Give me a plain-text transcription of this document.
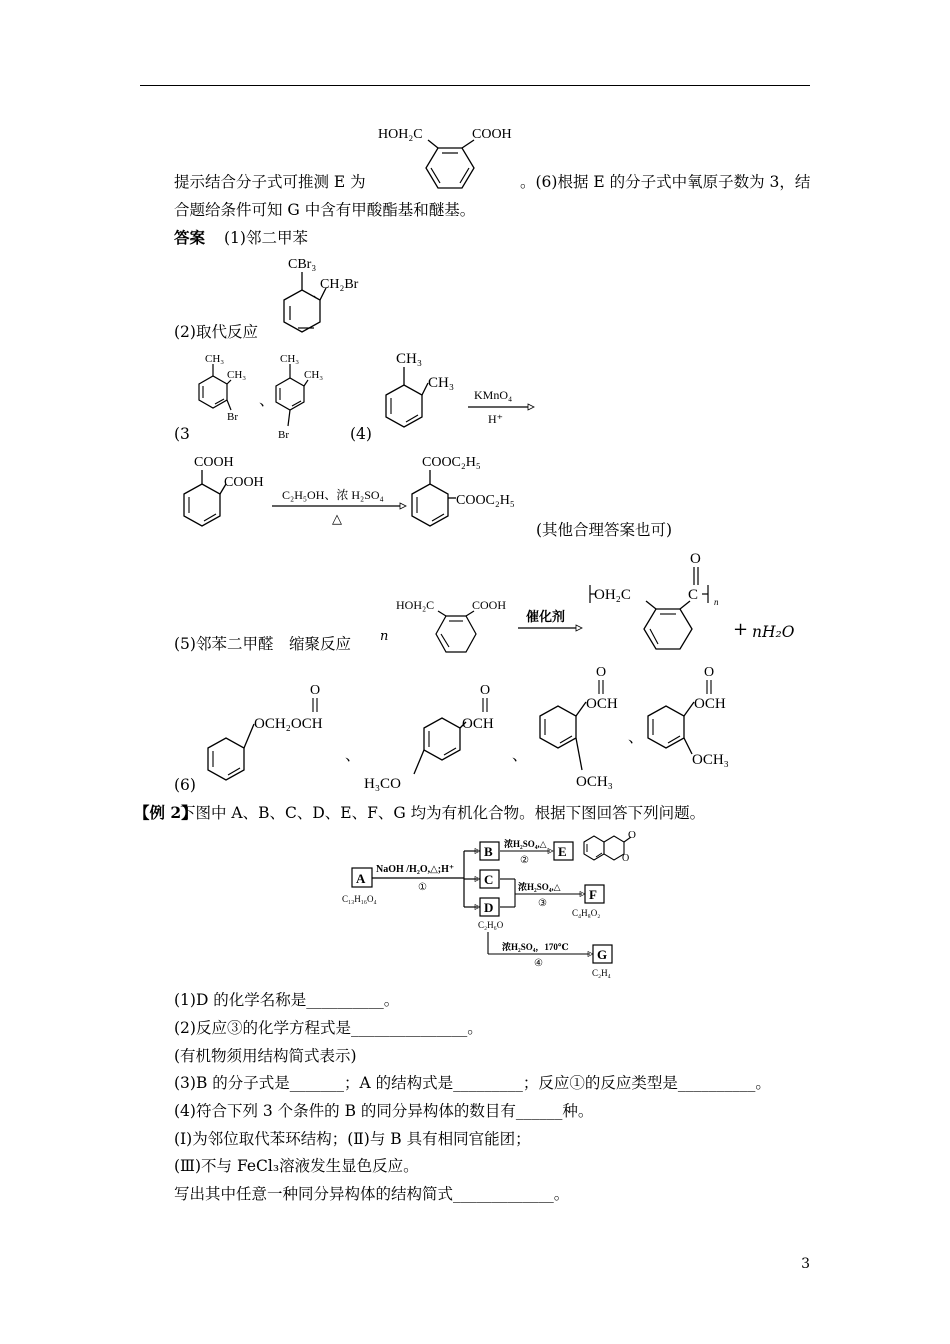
HOH₂C	COOH
提示结合分子式可推测 E 为	。(6)根据 E 的分子式中氧原子数为 3，结
合题给条件可知 G 中含有甲酸酯基和醚基。
答案 (1)邻二甲苯
CBr₃
CH₂Br
(2)取代反应
CH₃
CH₃
Br
、
CH₃
CH₃
Br
(3	(4)
CH₃
CH₃
KMnO₄
H⁺
COOH
COOH
C₂H₅OH、浓 H₂SO₄
△
COOC₂H₅
COOC₂H₅
(其他合理答案也可)
(5)邻苯二甲醛　缩聚反应 n
HOH₂C	COOH
催化剂
O
OH₂C	C n
+ nH₂O
(6)
O
OCH₂OCH
、
O
OCH
H₃CO
、
O
OCH
OCH₃
、
O
OCH
OCH₃
【例 2】
下图中 A、B、C、D、E、F、G 均为有机化合物。根据下图回答下列问题。
A
C₁₃H₁₆O₄
NaOH /H₂O,△;H⁺
①
B 浓H₂SO₄,△
②
E
O
O
C
D
C₂H₆O
浓H₂SO₄,△
③
F
C₄H₈O₂
浓H₂SO₄，170℃
④
G
C₂H₄
(1)D 的化学名称是__________。
(2)反应③的化学方程式是_______________。
(有机物须用结构简式表示)
(3)B 的分子式是_______；A 的结构式是_________；反应①的反应类型是__________。
(4)符合下列 3 个条件的 B 的同分异构体的数目有______种。
(Ⅰ)为邻位取代苯环结构；(Ⅱ)与 B 具有相同官能团；
(Ⅲ)不与 FeCl₃溶液发生显色反应。
写出其中任意一种同分异构体的结构简式_____________。
3
